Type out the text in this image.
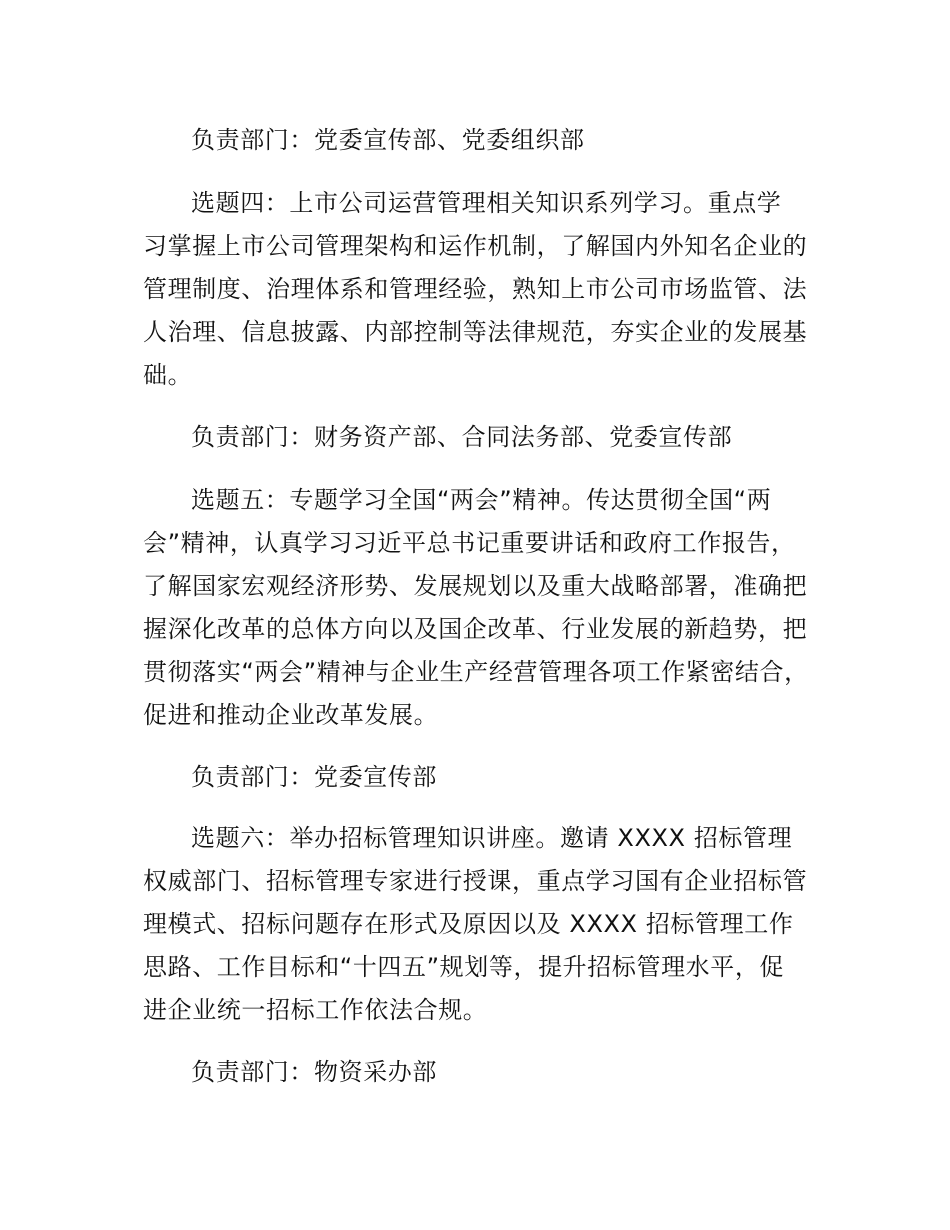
负责部门：党委宣传部、党委组织部
选题四：上市公司运营管理相关知识系列学习。重点学
习掌握上市公司管理架构和运作机制，了解国内外知名企业的
管理制度、治理体系和管理经验，熟知上市公司市场监管、法
人治理、信息披露、内部控制等法律规范，夯实企业的发展基
础。
负责部门：财务资产部、合同法务部、党委宣传部
选题五：专题学习全国“两会”精神。传达贯彻全国“两
会”精神，认真学习习近平总书记重要讲话和政府工作报告，
了解国家宏观经济形势、发展规划以及重大战略部署，准确把
握深化改革的总体方向以及国企改革、行业发展的新趋势，把
贯彻落实“两会”精神与企业生产经营管理各项工作紧密结合，
促进和推动企业改革发展。
负责部门：党委宣传部
选题六：举办招标管理知识讲座。邀请 XXXX 招标管理
权威部门、招标管理专家进行授课，重点学习国有企业招标管
理模式、招标问题存在形式及原因以及 XXXX 招标管理工作
思路、工作目标和“十四五”规划等，提升招标管理水平，促
进企业统一招标工作依法合规。
负责部门：物资采办部
